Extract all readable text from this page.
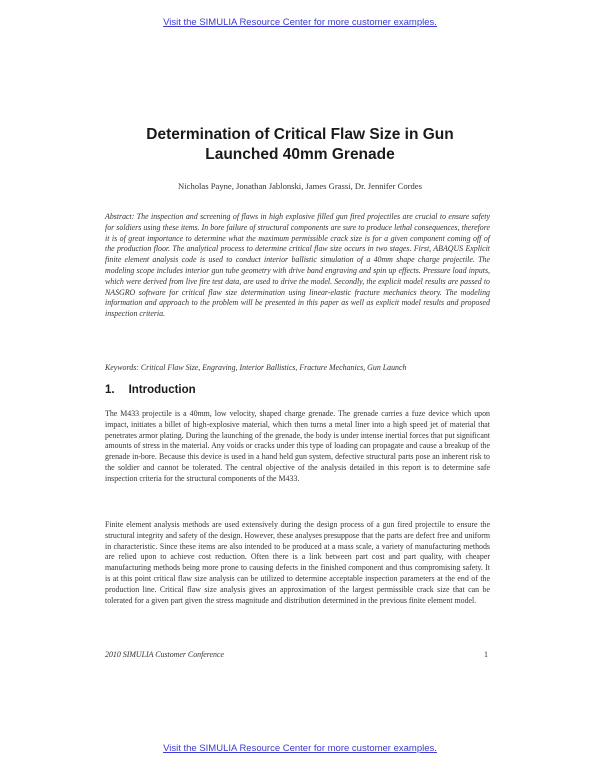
Visit the SIMULIA Resource Center for more customer examples.
Determination of Critical Flaw Size in Gun
Launched 40mm Grenade
Nicholas Payne, Jonathan Jablonski, James Grassi, Dr. Jennifer Cordes
Abstract: The inspection and screening of flaws in high explosive filled gun fired projectiles are crucial to ensure safety for soldiers using these items. In bore failure of structural components are sure to produce lethal consequences, therefore it is of great importance to determine what the maximum permissible crack size is for a given component coming off of the production floor. The analytical process to determine critical flaw size occurs in two stages. First, ABAQUS Explicit finite element analysis code is used to conduct interior ballistic simulation of a 40mm shape charge projectile. The modeling scope includes interior gun tube geometry with drive band engraving and spin up effects. Pressure load inputs, which were derived from live fire test data, are used to drive the model. Secondly, the explicit model results are passed to NASGRO software for critical flaw size determination using linear-elastic fracture mechanics theory. The modeling information and approach to the problem will be presented in this paper as well as explicit model results and proposed inspection criteria.
Keywords: Critical Flaw Size, Engraving, Interior Ballistics, Fracture Mechanics, Gun Launch
1. Introduction
The M433 projectile is a 40mm, low velocity, shaped charge grenade. The grenade carries a fuze device which upon impact, initiates a billet of high-explosive material, which then turns a metal liner into a high speed jet of material that penetrates armor plating. During the launching of the grenade, the body is under intense inertial forces that put significant amounts of stress in the material. Any voids or cracks under this type of loading can propagate and cause a breakup of the grenade in-bore. Because this device is used in a hand held gun system, defective structural parts pose an inherent risk to the soldier and cannot be tolerated. The central objective of the analysis detailed in this report is to determine safe inspection criteria for the structural components of the M433.
Finite element analysis methods are used extensively during the design process of a gun fired projectile to ensure the structural integrity and safety of the design. However, these analyses presuppose that the parts are defect free and uniform in characteristic. Since these items are also intended to be produced at a mass scale, a variety of manufacturing methods are relied upon to achieve cost reduction. Often there is a link between part cost and part quality, with cheaper manufacturing methods being more prone to causing defects in the finished component and thus compromising safety. It is at this point critical flaw size analysis can be utilized to determine acceptable inspection parameters at the end of the production line. Critical flaw size analysis gives an approximation of the largest permissible crack size that can be tolerated for a given part given the stress magnitude and distribution determined in the previous finite element model.
2010 SIMULIA Customer Conference	1
Visit the SIMULIA Resource Center for more customer examples.
